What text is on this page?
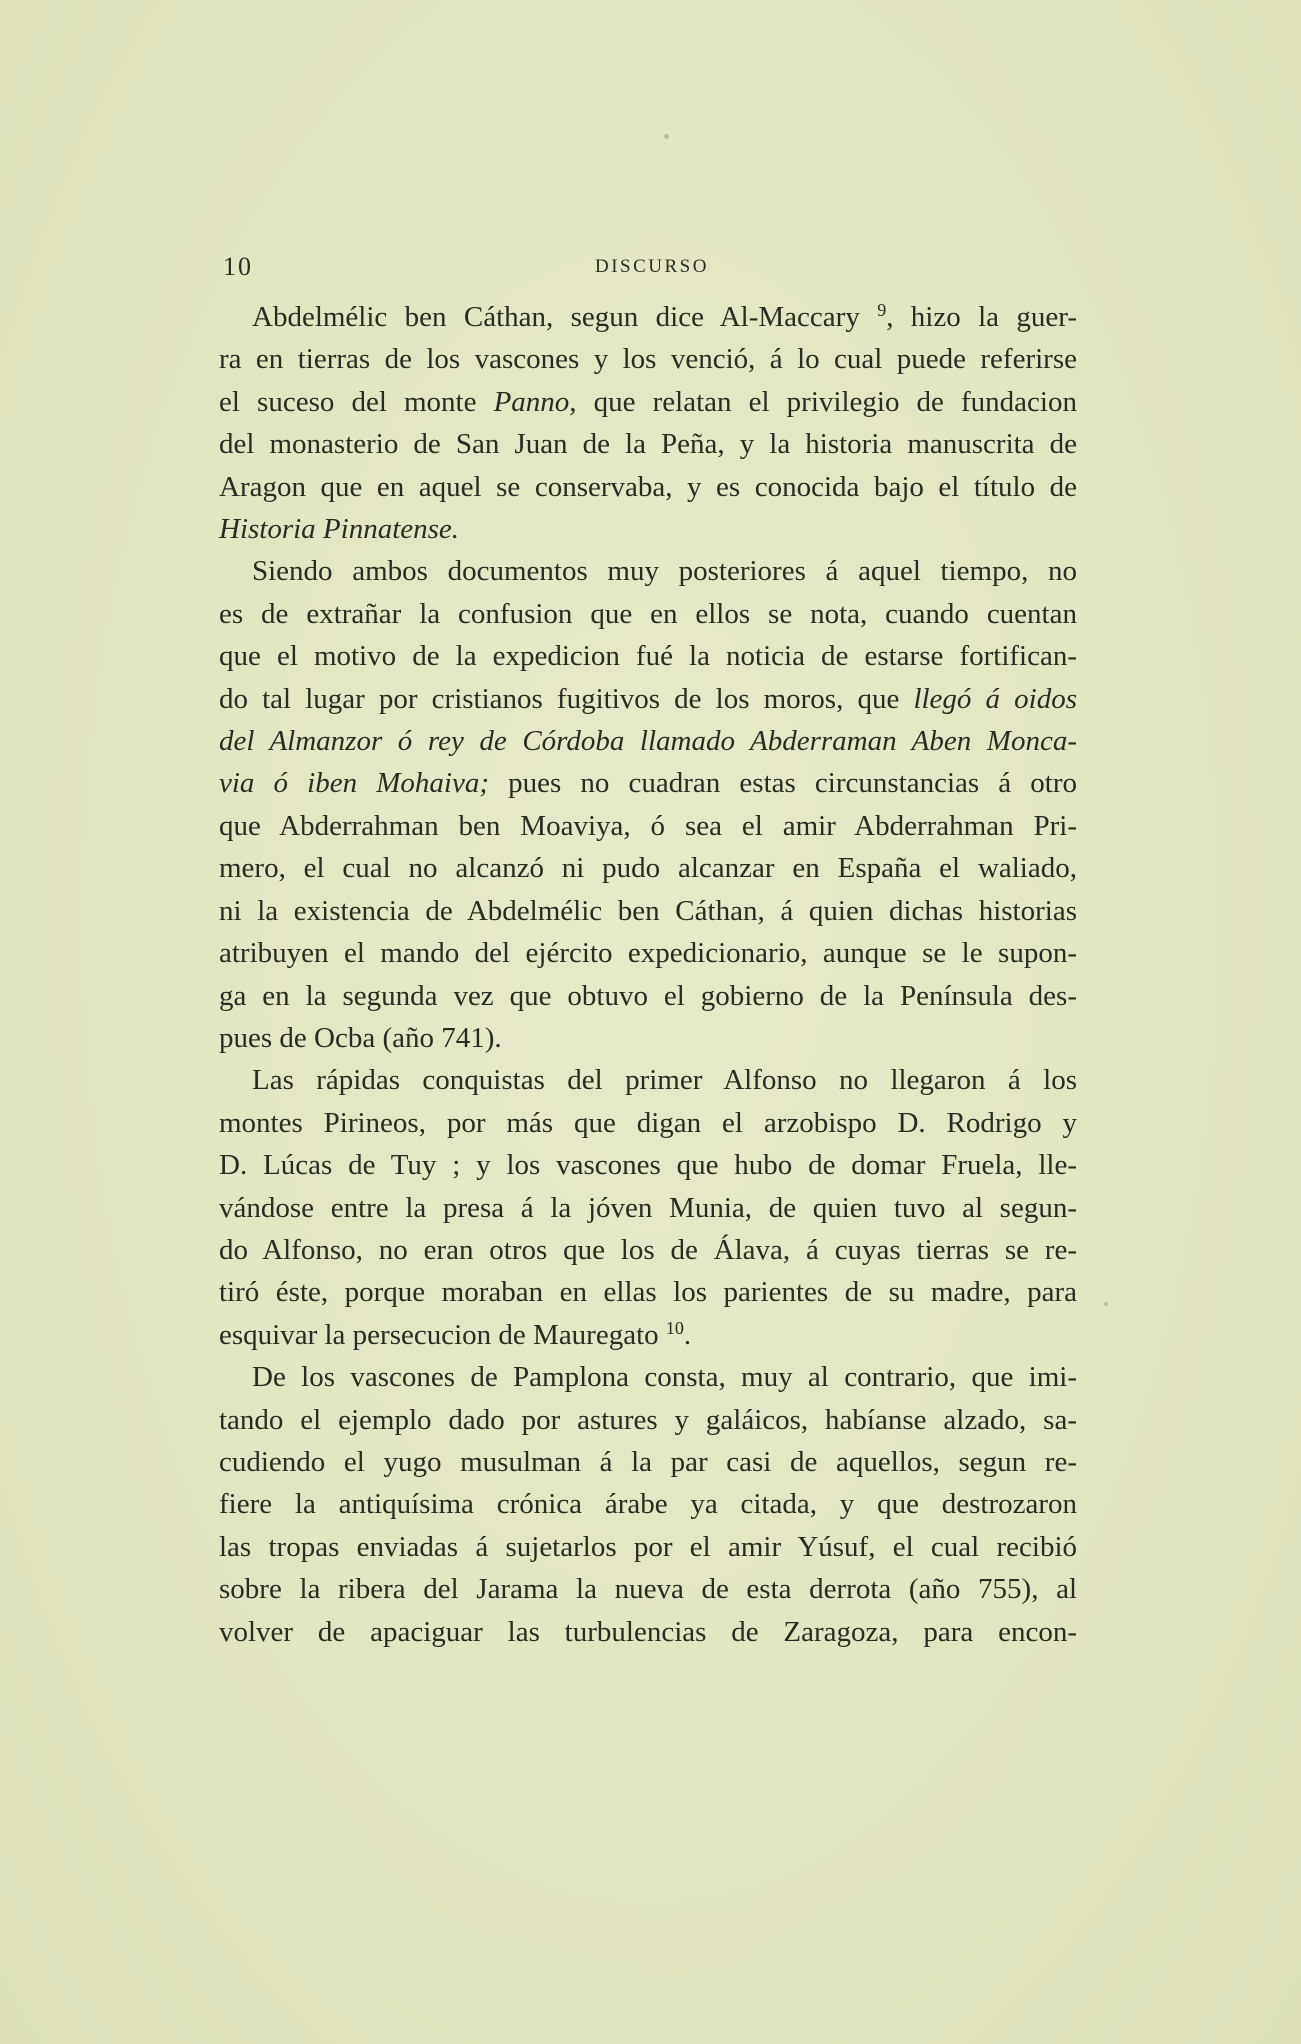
10	DISCURSO

Abdelmélic ben Cáthan, segun dice Al-Maccary $^9$, hizo la guer-
ra en tierras de los vascones y los venció, á lo cual puede referirse
el suceso del monte Panno, que relatan el privilegio de fundacion
del monasterio de San Juan de la Peña, y la historia manuscrita de
Aragon que en aquel se conservaba, y es conocida bajo el título de
Historia Pinnatense.

Siendo ambos documentos muy posteriores á aquel tiempo, no
es de extrañar la confusion que en ellos se nota, cuando cuentan
que el motivo de la expedicion fué la noticia de estarse fortifican-
do tal lugar por cristianos fugitivos de los moros, que llegó á oidos
del Almanzor ó rey de Córdoba llamado Abderraman Aben Monca-
via ó iben Mohaiva; pues no cuadran estas circunstancias á otro
que Abderrahman ben Moaviya, ó sea el amir Abderrahman Pri-
mero, el cual no alcanzó ni pudo alcanzar en España el waliado,
ni la existencia de Abdelmélic ben Cáthan, á quien dichas historias
atribuyen el mando del ejército expedicionario, aunque se le supon-
ga en la segunda vez que obtuvo el gobierno de la Península des-
pues de Ocba (año 741).

Las rápidas conquistas del primer Alfonso no llegaron á los
montes Pirineos, por más que digan el arzobispo D. Rodrigo y
D. Lúcas de Tuy ; y los vascones que hubo de domar Fruela, lle-
vándose entre la presa á la jóven Munia, de quien tuvo al segun-
do Alfonso, no eran otros que los de Álava, á cuyas tierras se re-
tiró éste, porque moraban en ellas los parientes de su madre, para
esquivar la persecucion de Mauregato $^{10}$.

De los vascones de Pamplona consta, muy al contrario, que imi-
tando el ejemplo dado por astures y galáicos, habíanse alzado, sa-
cudiendo el yugo musulman á la par casi de aquellos, segun re-
fiere la antiquísima crónica árabe ya citada, y que destrozaron
las tropas enviadas á sujetarlos por el amir Yúsuf, el cual recibió
sobre la ribera del Jarama la nueva de esta derrota (año 755), al
volver de apaciguar las turbulencias de Zaragoza, para encon-
